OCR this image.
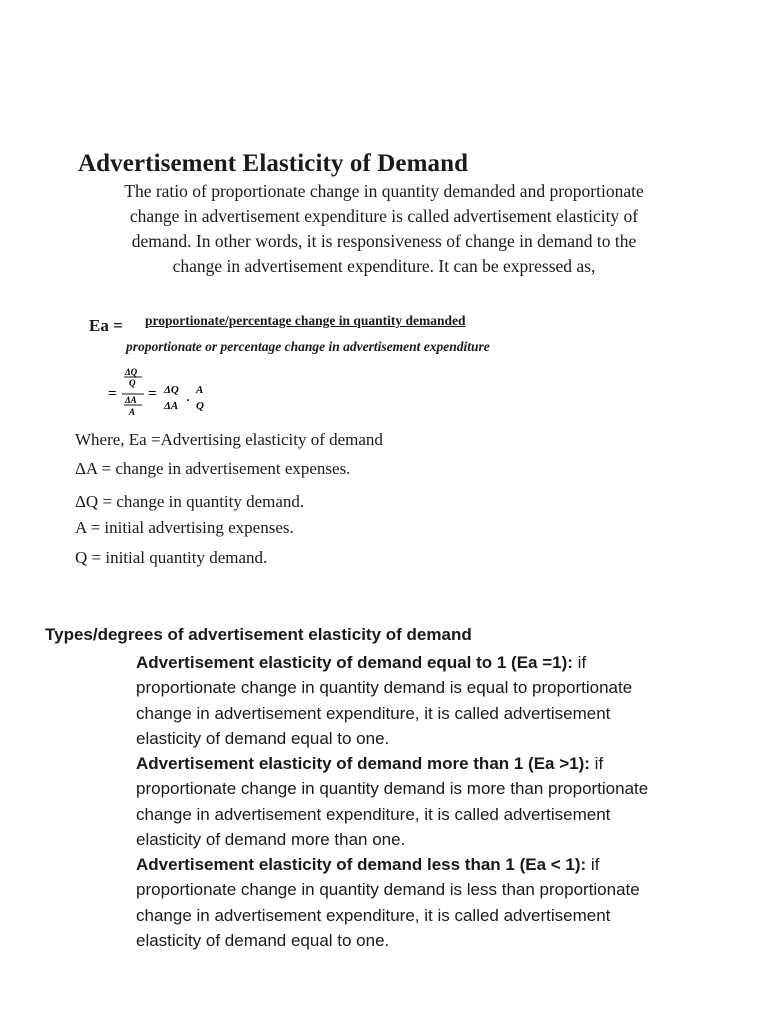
Advertisement Elasticity of Demand
The ratio of proportionate change in quantity demanded and proportionate
change in advertisement expenditure is called advertisement elasticity of
demand. In other words, it is responsiveness of change in demand to the
change in advertisement expenditure. It can be expressed as,
Ea = proportionate/percentage change in quantity demanded
proportionate or percentage change in advertisement expenditure
=
ΔQ
Q
ΔA
A
= ΔQ A
ΔA
.
Q
Where, Ea =Advertising elasticity of demand
ΔA = change in advertisement expenses.
ΔQ = change in quantity demand.
A = initial advertising expenses.
Q = initial quantity demand.
Types/degrees of advertisement elasticity of demand
Advertisement elasticity of demand equal to 1 (Ea =1): if
proportionate change in quantity demand is equal to proportionate
change in advertisement expenditure, it is called advertisement
elasticity of demand equal to one.
Advertisement elasticity of demand more than 1 (Ea >1): if
proportionate change in quantity demand is more than proportionate
change in advertisement expenditure, it is called advertisement
elasticity of demand more than one.
Advertisement elasticity of demand less than 1 (Ea < 1): if
proportionate change in quantity demand is less than proportionate
change in advertisement expenditure, it is called advertisement
elasticity of demand equal to one.
